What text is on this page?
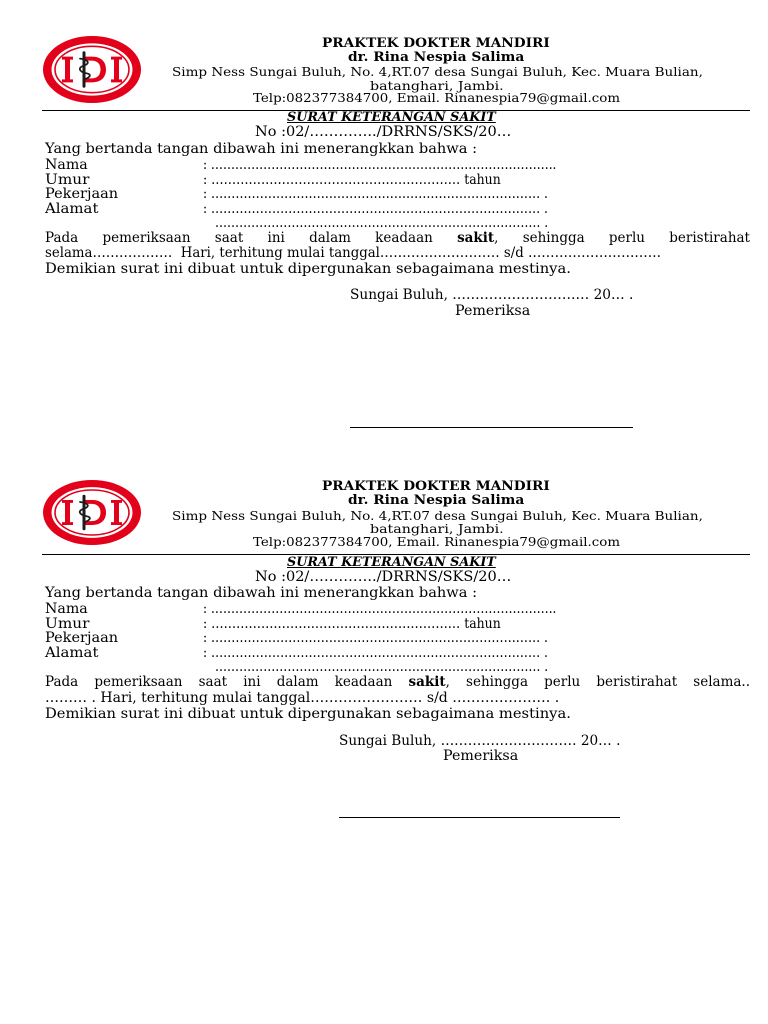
PRAKTEK DOKTER MANDIRI
dr. Rina Nespia Salima
Simp Ness Sungai Buluh, No. 4,RT.07 desa Sungai Buluh, Kec. Muara Bulian,
batanghari, Jambi.
Telp:082377384700, Email. Rinanespia79@gmail.com
SURAT KETERANGAN SAKIT
No :02/…………../DRRNS/SKS/20…
Yang bertanda tangan dibawah ini menerangkkan bahwa :
Nama	: …………………………………………………………………………..
Umur	: …………………………………………………… tahun
Pekerjaan	: ……………………………………………………………………… .
Alamat	: ……………………………………………………………………… .
……………………………………………………………………… .
Pada pemeriksaan saat ini dalam keadaan sakit, sehingga perlu beristirahat
selama………………  Hari, terhitung mulai tanggal……………………… s/d …………………………
Demikian surat ini dibuat untuk dipergunakan sebagaimana mestinya.
Sungai Buluh, ………………………… 20… .
Pemeriksa
PRAKTEK DOKTER MANDIRI
dr. Rina Nespia Salima
Simp Ness Sungai Buluh, No. 4,RT.07 desa Sungai Buluh, Kec. Muara Bulian,
batanghari, Jambi.
Telp:082377384700, Email. Rinanespia79@gmail.com
SURAT KETERANGAN SAKIT
No :02/…………../DRRNS/SKS/20…
Yang bertanda tangan dibawah ini menerangkkan bahwa :
Nama	: …………………………………………………………………………..
Umur	: …………………………………………………… tahun
Pekerjaan	: ……………………………………………………………………… .
Alamat	: ……………………………………………………………………… .
……………………………………………………………………… .
Pada pemeriksaan saat ini dalam keadaan sakit, sehingga perlu beristirahat selama..
……… . Hari, terhitung mulai tanggal…………………… s/d ………………… .
Demikian surat ini dibuat untuk dipergunakan sebagaimana mestinya.
Sungai Buluh, ………………………… 20… .
Pemeriksa
